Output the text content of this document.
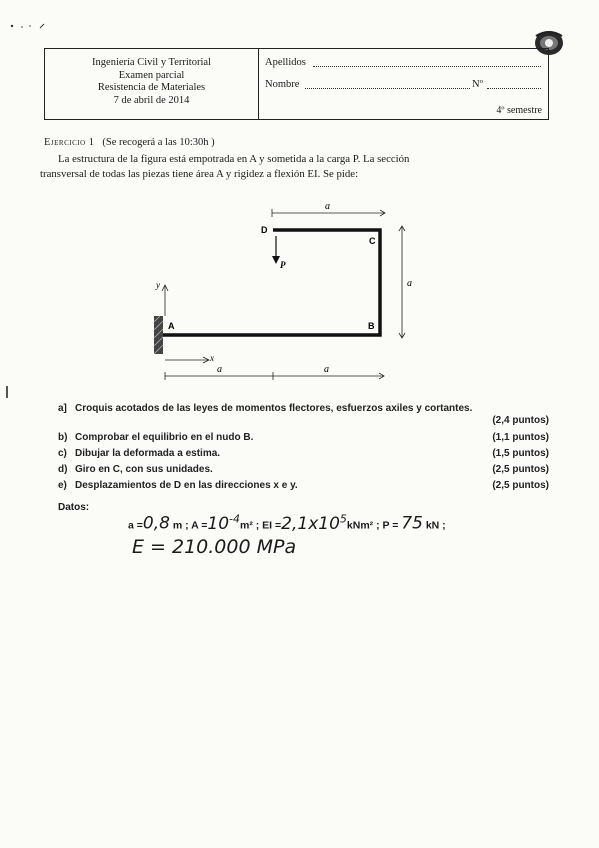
Ingeniería Civil y Territorial
Examen parcial
Resistencia de Materiales
7 de abril de 2014
Apellidos
Nombre	Nº
4º semestre
Ejercicio 1 (Se recogerá a las 10:30h )
La estructura de la figura está empotrada en A y sometida a la carga P. La sección
transversal de todas las piezas tiene área A y rigidez a flexión EI. Se pide:
a
P
D
C
A	B
a
y
x
a	a
a] Croquis acotados de las leyes de momentos flectores, esfuerzos axiles y cortantes.
(2,4 puntos)
b) Comprobar el equilibrio en el nudo B.	(1,1 puntos)
c) Dibujar la deformada a estima.	(1,5 puntos)
d) Giro en C, con sus unidades.	(2,5 puntos)
e) Desplazamientos de D en las direcciones x e y.	(2,5 puntos)
Datos:
a =0,8 m ; $A =10^{-4}m^2$ ; EI $=2,1x10^5kNm^2$ ; P = 75 kN ;
E = 210.000 MPa
